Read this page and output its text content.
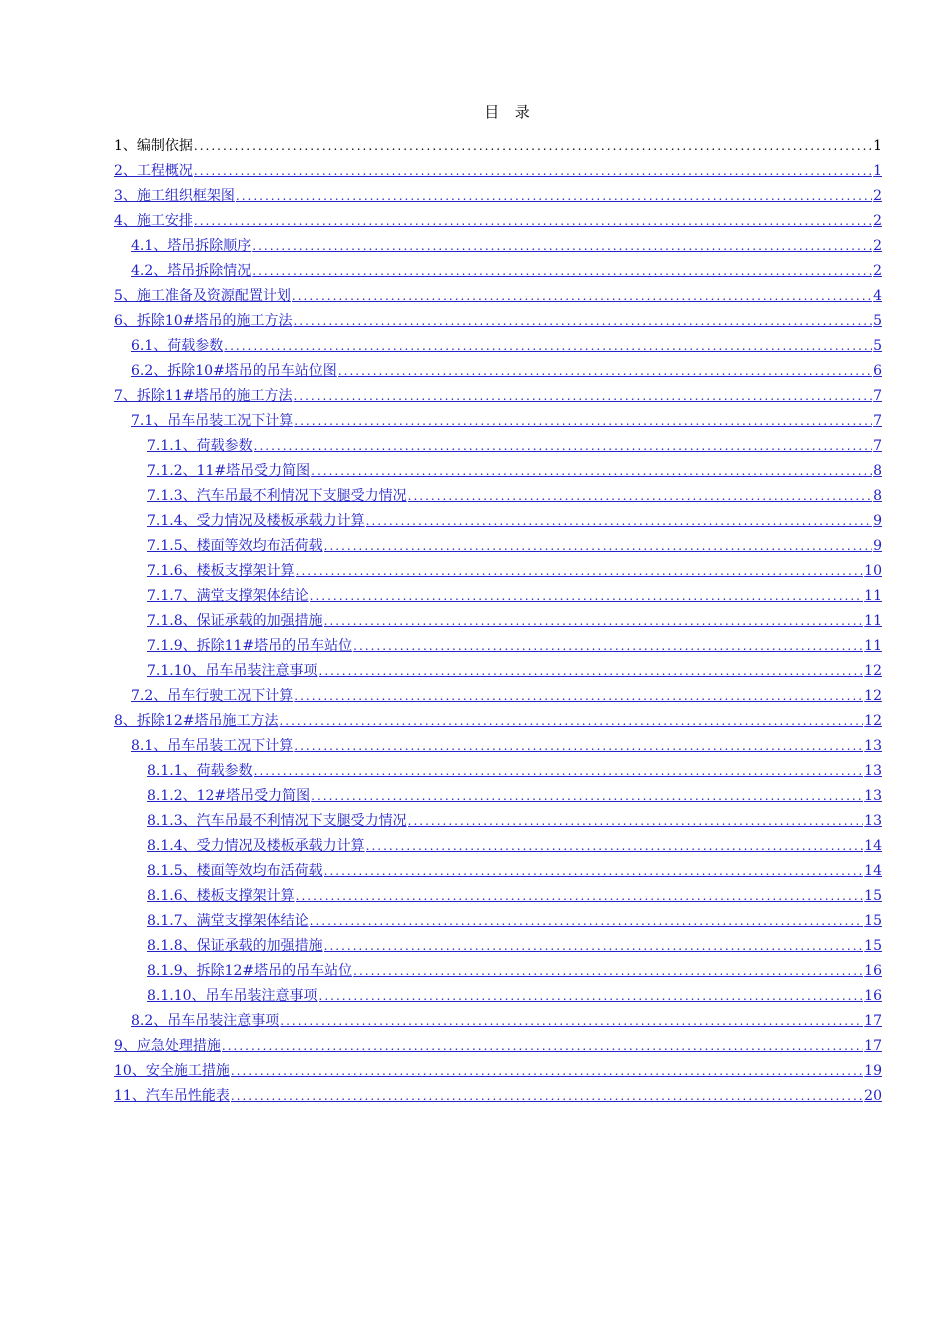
目  录
1、编制依据 .....	1
2、工程概况 .....	1
3、施工组织框架图 .....	2
4、施工安排 .....	2
4.1、塔吊拆除顺序 .....	2
4.2、塔吊拆除情况 .....	2
5、施工准备及资源配置计划 .....	4
6、拆除10#塔吊的施工方法 .....	5
6.1、荷载参数 .....	5
6.2、拆除10#塔吊的吊车站位图 .....	6
7、拆除11#塔吊的施工方法 .....	7
7.1、吊车吊装工况下计算 .....	7
7.1.1、荷载参数 .....	7
7.1.2、11#塔吊受力简图 .....	8
7.1.3、汽车吊最不利情况下支腿受力情况 .....	8
7.1.4、受力情况及楼板承载力计算 .....	9
7.1.5、楼面等效均布活荷载 .....	9
7.1.6、楼板支撑架计算 .....	10
7.1.7、满堂支撑架体结论 .....	11
7.1.8、保证承载的加强措施 .....	11
7.1.9、拆除11#塔吊的吊车站位 .....	11
7.1.10、吊车吊装注意事项 .....	12
7.2、吊车行驶工况下计算 .....	12
8、拆除12#塔吊施工方法 .....	12
8.1、吊车吊装工况下计算 .....	13
8.1.1、荷载参数 .....	13
8.1.2、12#塔吊受力简图 .....	13
8.1.3、汽车吊最不利情况下支腿受力情况 .....	13
8.1.4、受力情况及楼板承载力计算 .....	14
8.1.5、楼面等效均布活荷载 .....	14
8.1.6、楼板支撑架计算 .....	15
8.1.7、满堂支撑架体结论 .....	15
8.1.8、保证承载的加强措施 .....	15
8.1.9、拆除12#塔吊的吊车站位 .....	16
8.1.10、吊车吊装注意事项 .....	16
8.2、吊车吊装注意事项 .....	17
9、应急处理措施 .....	17
10、安全施工措施 .....	19
11、汽车吊性能表 .....	20
